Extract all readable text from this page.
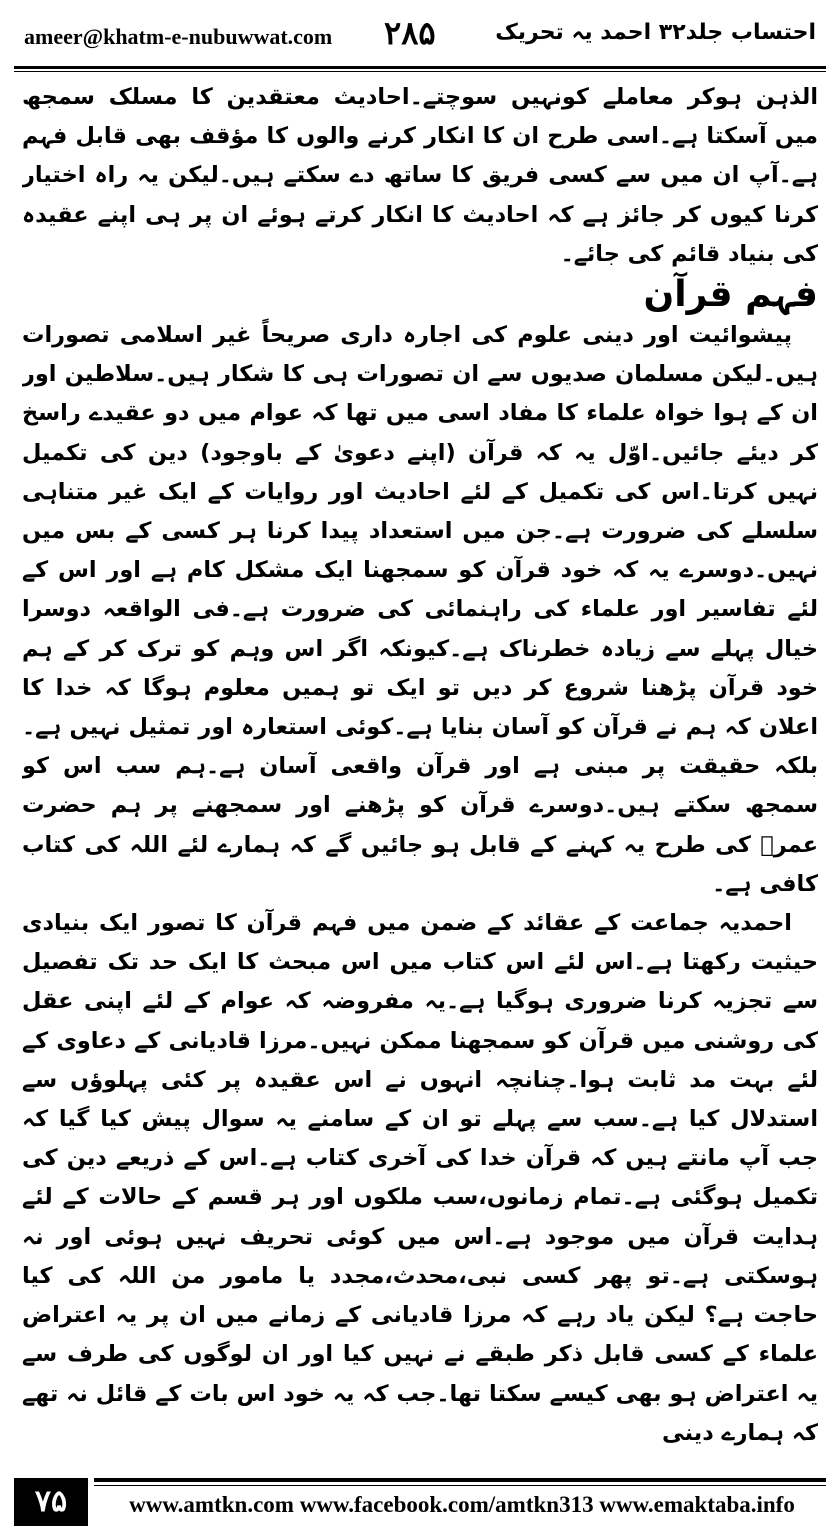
ameer@khatm-e-nubuwwat.com ۲۸۵	احتساب جلد۳۲ احمد یہ تحریک

الذہن ہوکر معاملے کونہیں سوچتے۔احادیث معتقدین کا مسلک سمجھ میں آسکتا ہے۔اسی طرح ان کا انکار کرنے والوں کا مؤقف بھی قابل فہم ہے۔آپ ان میں سے کسی فریق کا ساتھ دے سکتے ہیں۔لیکن یہ راہ اختیار کرنا کیوں کر جائز ہے کہ احادیث کا انکار کرتے ہوئے ان پر ہی اپنے عقیدہ کی بنیاد قائم کی جائے۔

فہم قرآن

پیشوائیت اور دینی علوم کی اجارہ داری صریحاً غیر اسلامی تصورات ہیں۔لیکن مسلمان صدیوں سے ان تصورات ہی کا شکار ہیں۔سلاطین اور ان کے ہوا خواہ علماء کا مفاد اسی میں تھا کہ عوام میں دو عقیدے راسخ کر دیئے جائیں۔اوّل یہ کہ قرآن (اپنے دعویٰ کے باوجود) دین کی تکمیل نہیں کرتا۔اس کی تکمیل کے لئے احادیث اور روایات کے ایک غیر متناہی سلسلے کی ضرورت ہے۔جن میں استعداد پیدا کرنا ہر کسی کے بس میں نہیں۔دوسرے یہ کہ خود قرآن کو سمجھنا ایک مشکل کام ہے اور اس کے لئے تفاسیر اور علماء کی راہنمائی کی ضرورت ہے۔فی الواقعہ دوسرا خیال پہلے سے زیادہ خطرناک ہے۔کیونکہ اگر اس وہم کو ترک کر کے ہم خود قرآن پڑھنا شروع کر دیں تو ایک تو ہمیں معلوم ہوگا کہ خدا کا اعلان کہ ہم نے قرآن کو آسان بنایا ہے۔کوئی استعارہ اور تمثیل نہیں ہے۔بلکہ حقیقت پر مبنی ہے اور قرآن واقعی آسان ہے۔ہم سب اس کو سمجھ سکتے ہیں۔دوسرے قرآن کو پڑھنے اور سمجھنے پر ہم حضرت عمرؓ کی طرح یہ کہنے کے قابل ہو جائیں گے کہ ہمارے لئے اللہ کی کتاب کافی ہے۔

احمدیہ جماعت کے عقائد کے ضمن میں فہم قرآن کا تصور ایک بنیادی حیثیت رکھتا ہے۔اس لئے اس کتاب میں اس مبحث کا ایک حد تک تفصیل سے تجزیہ کرنا ضروری ہوگیا ہے۔یہ مفروضہ کہ عوام کے لئے اپنی عقل کی روشنی میں قرآن کو سمجھنا ممکن نہیں۔مرزا قادیانی کے دعاوی کے لئے بہت مد ثابت ہوا۔چنانچہ انہوں نے اس عقیدہ پر کئی پہلوؤں سے استدلال کیا ہے۔سب سے پہلے تو ان کے سامنے یہ سوال پیش کیا گیا کہ جب آپ مانتے ہیں کہ قرآن خدا کی آخری کتاب ہے۔اس کے ذریعے دین کی تکمیل ہوگئی ہے۔تمام زمانوں،سب ملکوں اور ہر قسم کے حالات کے لئے ہدایت قرآن میں موجود ہے۔اس میں کوئی تحریف نہیں ہوئی اور نہ ہوسکتی ہے۔تو پھر کسی نبی،محدث،مجدد یا مامور من اللہ کی کیا حاجت ہے؟ لیکن یاد رہے کہ مرزا قادیانی کے زمانے میں ان پر یہ اعتراض علماء کے کسی قابل ذکر طبقے نے نہیں کیا اور ان لوگوں کی طرف سے یہ اعتراض ہو بھی کیسے سکتا تھا۔جب کہ یہ خود اس بات کے قائل نہ تھے کہ ہمارے دینی

۷۵	www.amtkn.com www.facebook.com/amtkn313 www.emaktaba.info
